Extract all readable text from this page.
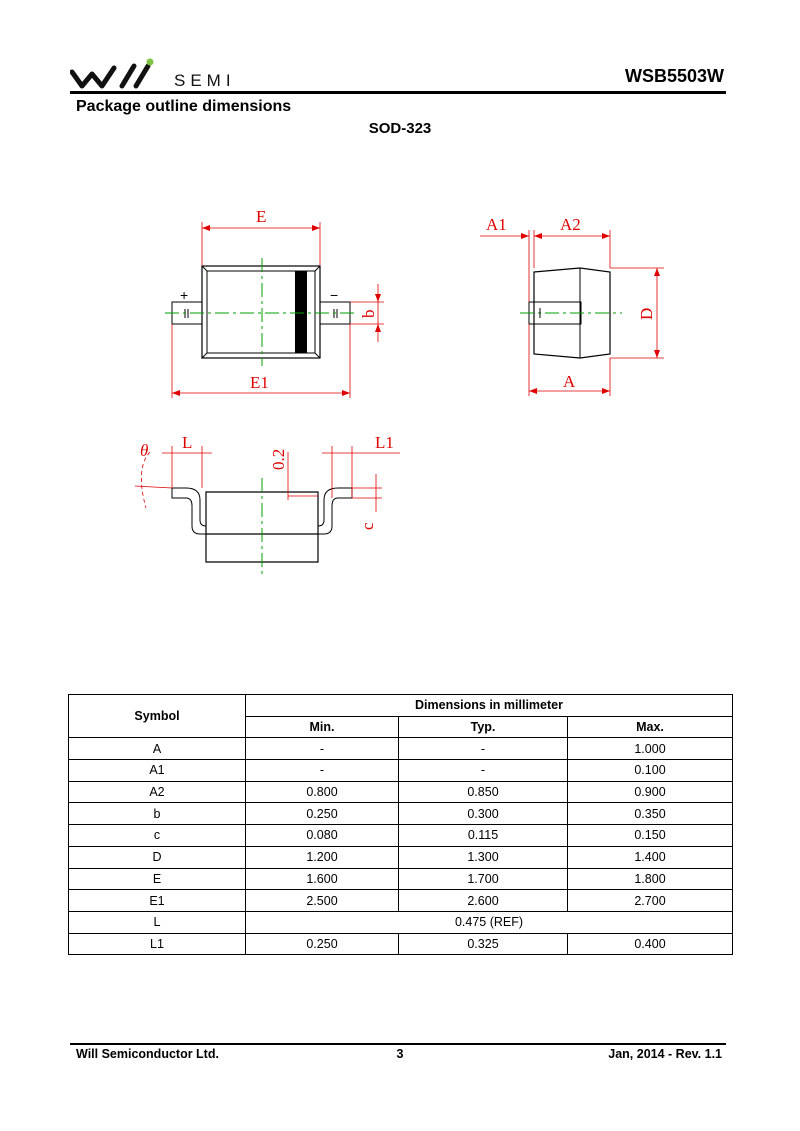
SEMI	WSB5503W
Package outline dimensions
SOD-323
+	−
E
E1
b
A1	A2
D
A
θ L
0.2
L1
c
Symbol	Dimensions in millimeter		
	Min.	Typ.	Max.
A	-	-	1.000
A1	-	-	0.100
A2	0.800	0.850	0.900
b	0.250	0.300	0.350
c	0.080	0.115	0.150
D	1.200	1.300	1.400
E	1.600	1.700	1.800
E1	2.500	2.600	2.700
L	0.475 (REF)		
L1	0.250	0.325	0.400
Will Semiconductor Ltd.	3	Jan, 2014 - Rev. 1.1
